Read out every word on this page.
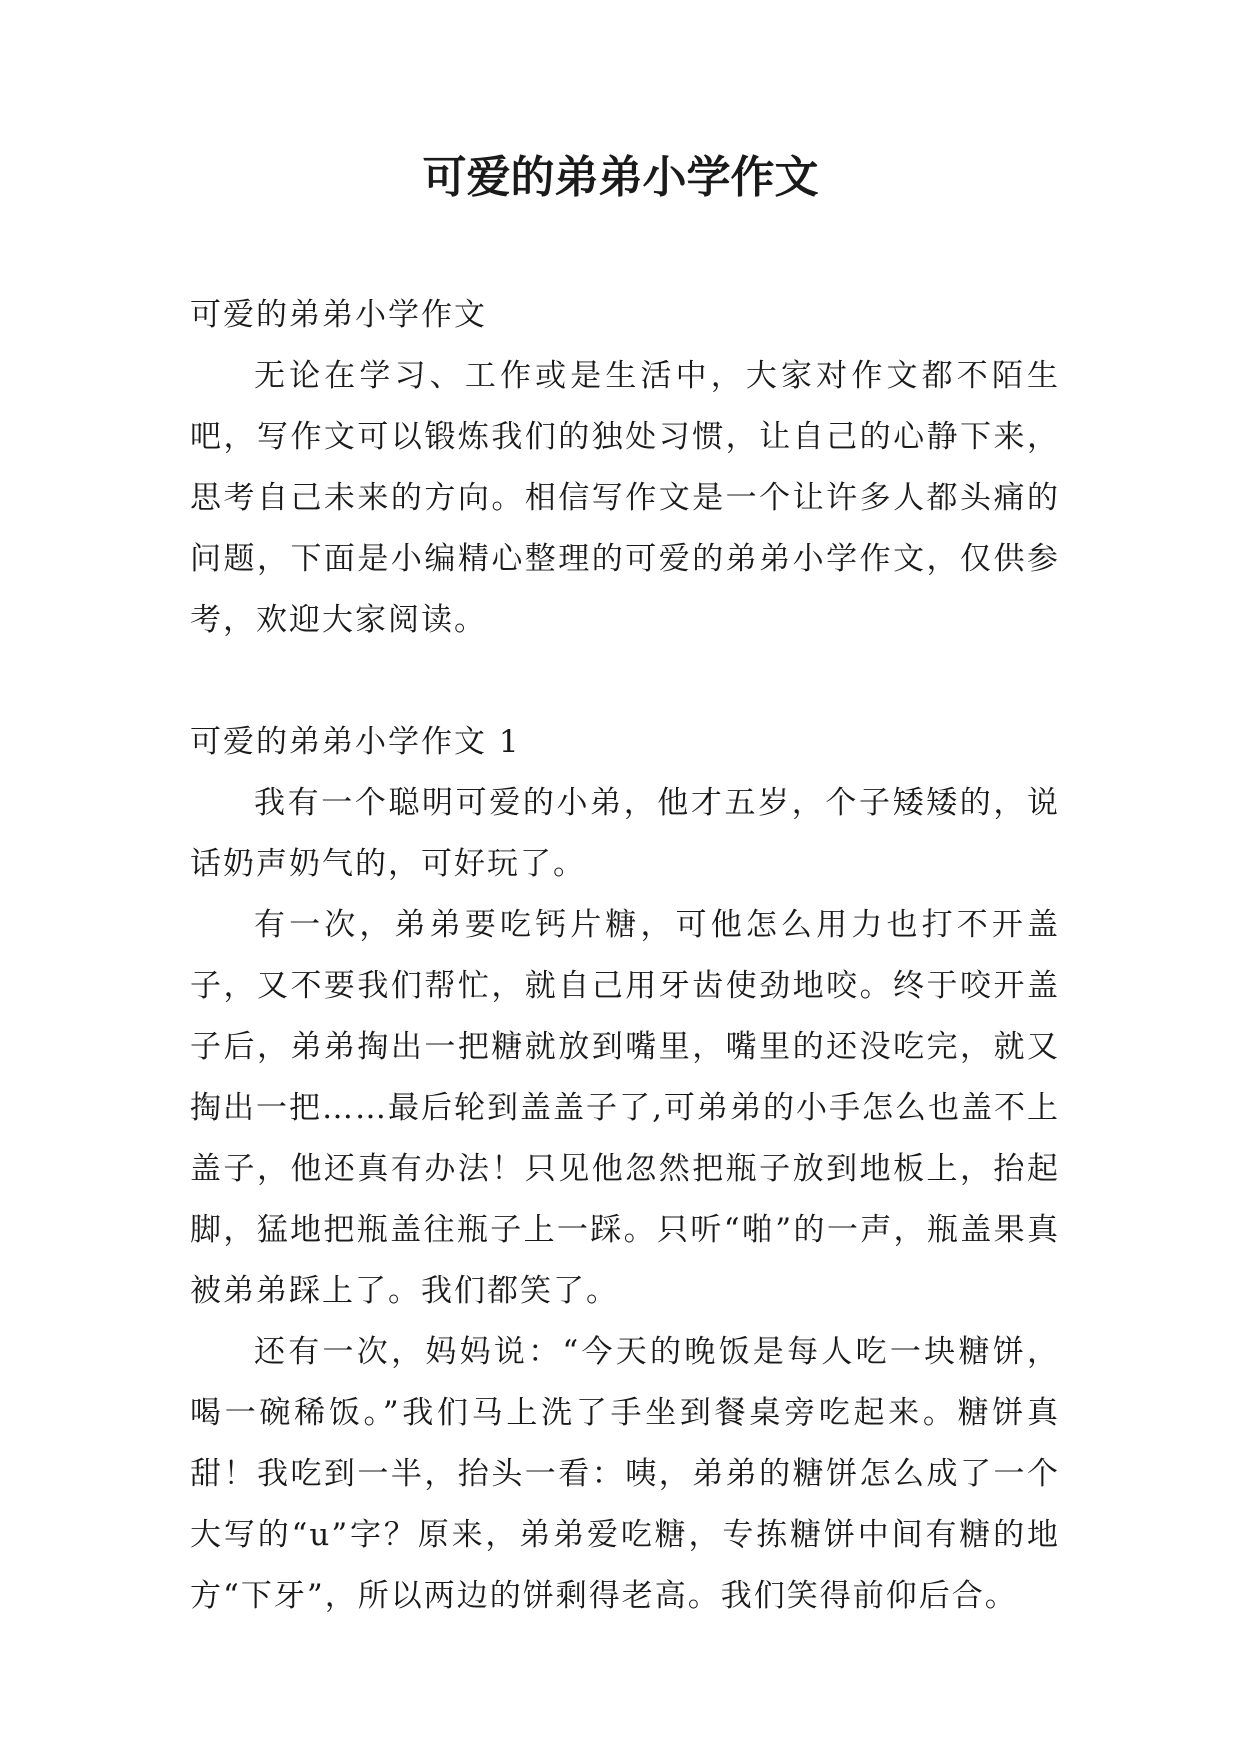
可爱的弟弟小学作文

可爱的弟弟小学作文

无论在学习、工作或是生活中，大家对作文都不陌生吧，写作文可以锻炼我们的独处习惯，让自己的心静下来，思考自己未来的方向。相信写作文是一个让许多人都头痛的问题，下面是小编精心整理的可爱的弟弟小学作文，仅供参考，欢迎大家阅读。

可爱的弟弟小学作文 1

我有一个聪明可爱的小弟，他才五岁，个子矮矮的，说话奶声奶气的，可好玩了。

有一次，弟弟要吃钙片糖，可他怎么用力也打不开盖子，又不要我们帮忙，就自己用牙齿使劲地咬。终于咬开盖子后，弟弟掏出一把糖就放到嘴里，嘴里的还没吃完，就又掏出一把……最后轮到盖盖子了,可弟弟的小手怎么也盖不上盖子，他还真有办法！只见他忽然把瓶子放到地板上，抬起脚，猛地把瓶盖往瓶子上一踩。只听“啪”的一声，瓶盖果真被弟弟踩上了。我们都笑了。

还有一次，妈妈说：“今天的晚饭是每人吃一块糖饼，喝一碗稀饭。”我们马上洗了手坐到餐桌旁吃起来。糖饼真甜！我吃到一半，抬头一看：咦，弟弟的糖饼怎么成了一个大写的“u”字？原来，弟弟爱吃糖，专拣糖饼中间有糖的地方“下牙”，所以两边的饼剩得老高。我们笑得前仰后合。
